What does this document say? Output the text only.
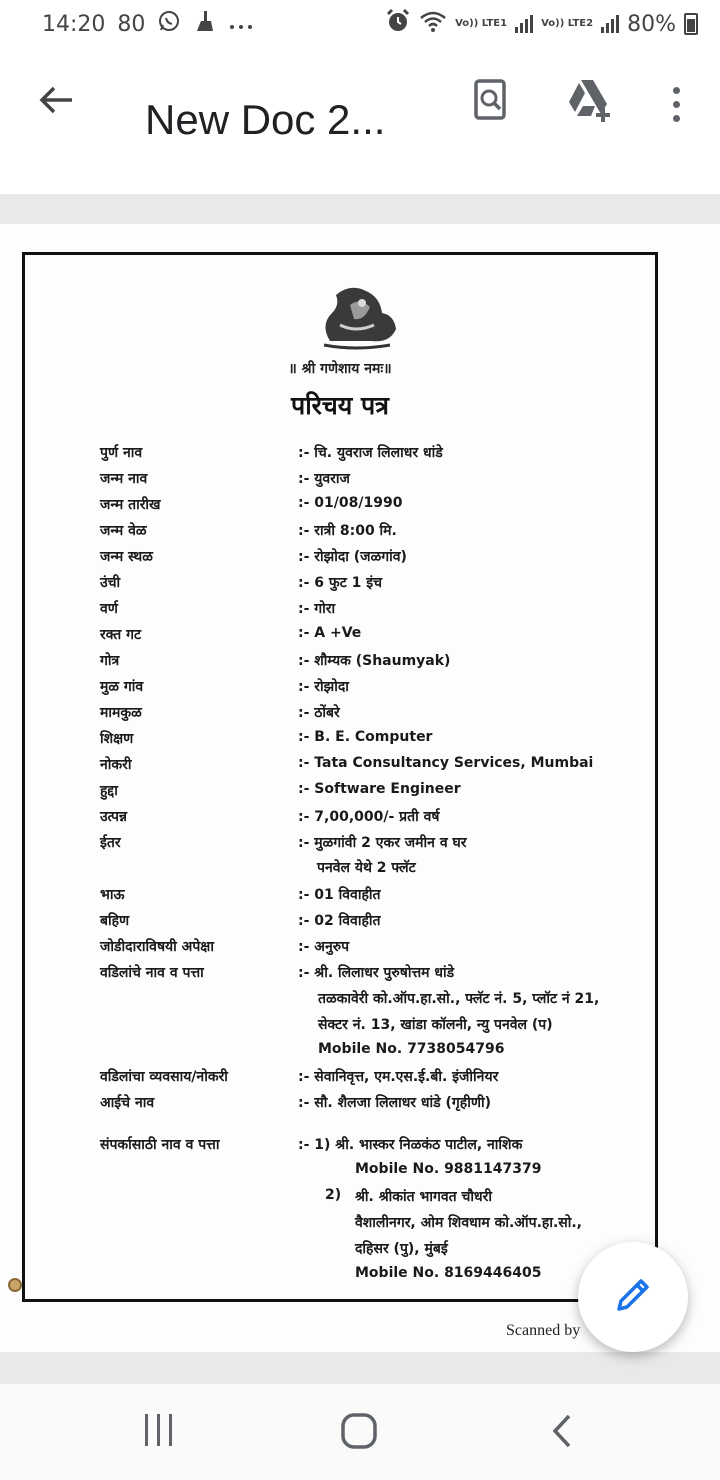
14:20 80	Vo)) LTE1	Vo)) LTE2 80%
New Doc 2...
॥ श्री गणेशाय नमः॥
परिचय पत्र
पुर्ण नाव	:- चि. युवराज लिलाधर धांडे
जन्म नाव	:- युवराज
जन्म तारीख	:- 01/08/1990
जन्म वेळ	:- रात्री 8:00 मि.
जन्म स्थळ	:- रोझोदा (जळगांव)
उंची	:- 6 फुट 1 इंच
वर्ण	:- गोरा
रक्त गट	:- A +Ve
गोत्र	:- शौम्यक (Shaumyak)
मुळ गांव	:- रोझोदा
मामकुळ	:- ठोंबरे
शिक्षण	:- B. E. Computer
नोकरी	:- Tata Consultancy Services, Mumbai
हुद्दा	:- Software Engineer
उत्पन्न	:- 7,00,000/- प्रती वर्ष
ईतर	:- मुळगांवी 2 एकर जमीन व घर
पनवेल येथे 2 फ्लॅट
भाऊ	:- 01 विवाहीत
बहिण	:- 02 विवाहीत
जोडीदाराविषयी अपेक्षा	:- अनुरुप
वडिलांचे नाव व पत्ता	:- श्री. लिलाधर पुरुषोत्तम धांडे
तळकावेरी को.ऑप.हा.सो., फ्लॅट नं. 5, प्लॉट नं 21,
सेक्टर नं. 13, खांडा कॉलनी, न्यु पनवेल (प)
Mobile No. 7738054796
वडिलांचा व्यवसाय/नोकरी	:- सेवानिवृत्त, एम.एस.ई.बी. इंजीनियर
आईचे नाव	:- सौ. शैलजा लिलाधर धांडे (गृहीणी)
संपर्कासाठी नाव व पत्ता	:- 1) श्री. भास्कर निळकंठ पाटील, नाशिक
Mobile No. 9881147379
2) श्री. श्रीकांत भागवत चौधरी
वैशालीनगर, ओम शिवधाम को.ऑप.हा.सो.,
दहिसर (पु), मुंबई
Mobile No. 8169446405
Scanned by
